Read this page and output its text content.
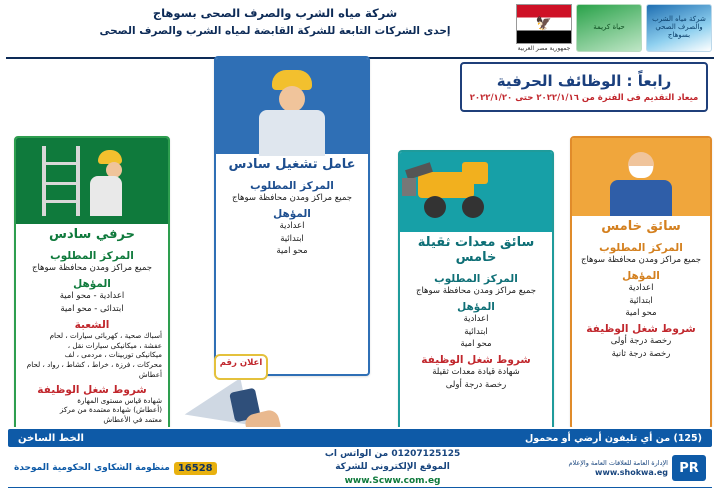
شركة مياه الشرب والصرف الصحي بسوهاج
حياة كريمة
🦅
جمهورية مصر العربية
شركة مياه الشرب والصرف الصحى بسوهاج
إحدى الشركات التابعة للشركة القابضة لمياه الشرب والصرف الصحى
رابعاً : الوظائف الحرفية
ميعاد التقديم فى الفترة من ٢٠٢٢/١/١٦ حتى ٢٠٢٢/١/٢٠
حرفي سادس
المركز المطلوب
جميع مراكز ومدن محافظة سوهاج
المؤهل
اعدادية - محو امية
ابتدائى - محو امية
الشعبة
أسباك صحية ، كهربائى سيارات ، لحام
عفشة ، ميكانيكى سيارات نقل ،
ميكانيكى توربينات ، مردمى ، لف
محركات ، فرزة ، خراط ، كشاط ، رواد ، لحام
أعطاش
شروط شغل الوظيفة
شهادة قياس مستوى المهارة
(أعطاش) شهادة معتمدة من مركز
معتمد في الأعطاش
عامل تشغيل سادس
المركز المطلوب
جميع مراكز ومدن محافظة سوهاج
المؤهل
اعدادية
ابتدائية
محو امية
سائق معدات ثقيلة خامس
المركز المطلوب
جميع مراكز ومدن محافظة سوهاج
المؤهل
اعدادية
ابتدائية
محو امية
شروط شغل الوظيفة
شهادة قيادة معدات ثقيلة
رخصة درجة أولى
سائق خامس
المركز المطلوب
جميع مراكز ومدن محافظة سوهاج
المؤهل
اعدادية
ابتدائية
محو امية
شروط شغل الوظيفة
رخصة درجة أولى
رخصة درجة ثانية
اعلان رقم
(125) من أي تليفون أرضي أو محمول
الخط الساخن
PR
الإدارة العامة للعلاقات العامة والإعلام
www.shokwa.eg
01207125125 من الواتس اب
الموقع الإلكترونى للشركة
www.Scww.com.eg
16528
منظومة الشكاوى الحكومية الموحدة
